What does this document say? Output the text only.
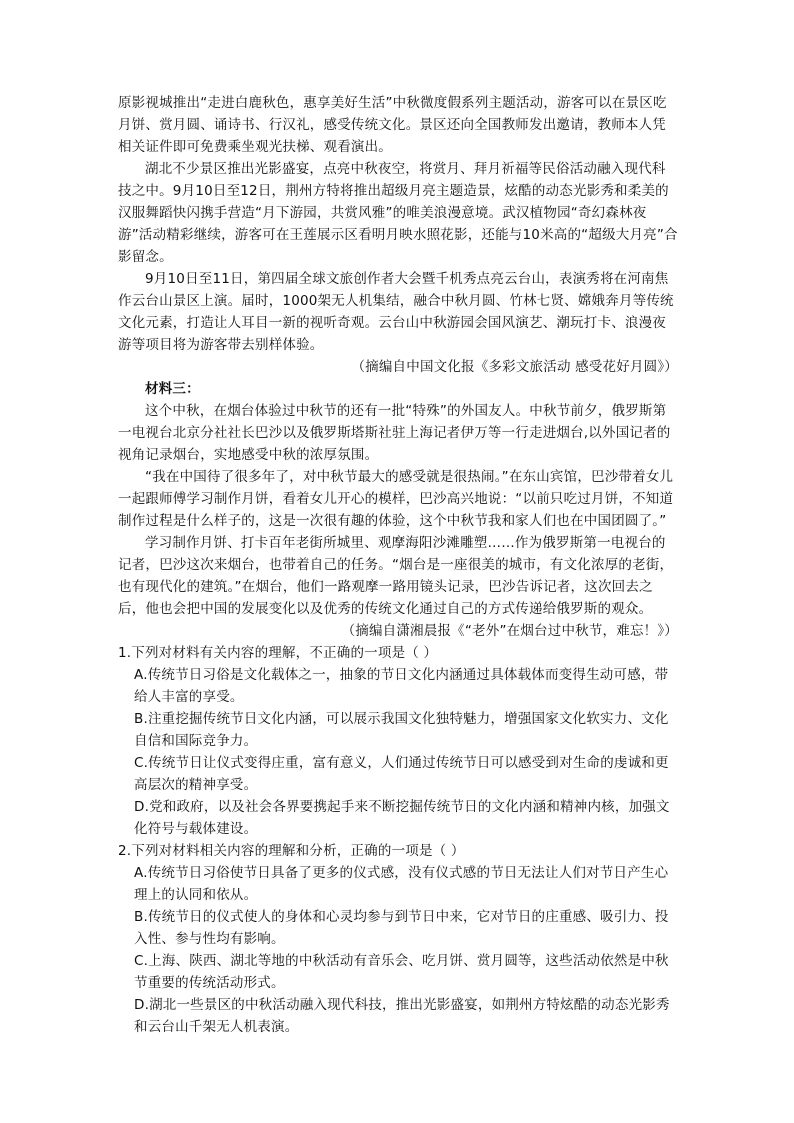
原影视城推出“走进白鹿秋色，惠享美好生活”中秋微度假系列主题活动，游客可以在景区吃月饼、赏月圆、诵诗书、行汉礼，感受传统文化。景区还向全国教师发出邀请，教师本人凭相关证件即可免费乘坐观光扶梯、观看演出。

湖北不少景区推出光影盛宴，点亮中秋夜空，将赏月、拜月祈福等民俗活动融入现代科技之中。9月10日至12日，荆州方特将推出超级月亮主题造景，炫酷的动态光影秀和柔美的汉服舞蹈快闪携手营造“月下游园，共赏风雅”的唯美浪漫意境。武汉植物园“奇幻森林夜游”活动精彩继续，游客可在王莲展示区看明月映水照花影，还能与10米高的“超级大月亮”合影留念。

9月10日至11日，第四届全球文旅创作者大会暨千机秀点亮云台山，表演秀将在河南焦作云台山景区上演。届时，1000架无人机集结，融合中秋月圆、竹林七贤、嫦娥奔月等传统文化元素，打造让人耳目一新的视听奇观。云台山中秋游园会国风演艺、潮玩打卡、浪漫夜游等项目将为游客带去别样体验。

（摘编自中国文化报《多彩文旅活动 感受花好月圆》）

材料三：

这个中秋，在烟台体验过中秋节的还有一批“特殊”的外国友人。中秋节前夕，俄罗斯第一电视台北京分社社长巴沙以及俄罗斯塔斯社驻上海记者伊万等一行走进烟台,以外国记者的视角记录烟台，实地感受中秋的浓厚氛围。

“我在中国待了很多年了，对中秋节最大的感受就是很热闹。”在东山宾馆，巴沙带着女儿一起跟师傅学习制作月饼，看着女儿开心的模样，巴沙高兴地说：“以前只吃过月饼，不知道制作过程是什么样子的，这是一次很有趣的体验，这个中秋节我和家人们也在中国团圆了。”

学习制作月饼、打卡百年老街所城里、观摩海阳沙滩雕塑……作为俄罗斯第一电视台的记者，巴沙这次来烟台，也带着自己的任务。“烟台是一座很美的城市，有文化浓厚的老街，也有现代化的建筑。”在烟台，他们一路观摩一路用镜头记录，巴沙告诉记者，这次回去之后，他也会把中国的发展变化以及优秀的传统文化通过自己的方式传递给俄罗斯的观众。

（摘编自潇湘晨报《“老外”在烟台过中秋节，难忘！》）

1.下列对材料有关内容的理解，不正确的一项是（ ）

A.传统节日习俗是文化载体之一，抽象的节日文化内涵通过具体载体而变得生动可感，带给人丰富的享受。

B.注重挖掘传统节日文化内涵，可以展示我国文化独特魅力，增强国家文化软实力、文化自信和国际竞争力。

C.传统节日让仪式变得庄重，富有意义，人们通过传统节日可以感受到对生命的虔诚和更高层次的精神享受。

D.党和政府，以及社会各界要携起手来不断挖掘传统节日的文化内涵和精神内核，加强文化符号与载体建设。

2.下列对材料相关内容的理解和分析，正确的一项是（ ）

A.传统节日习俗使节日具备了更多的仪式感，没有仪式感的节日无法让人们对节日产生心理上的认同和依从。

B.传统节日的仪式使人的身体和心灵均参与到节日中来，它对节日的庄重感、吸引力、投入性、参与性均有影响。

C.上海、陕西、湖北等地的中秋活动有音乐会、吃月饼、赏月圆等，这些活动依然是中秋节重要的传统活动形式。

D.湖北一些景区的中秋活动融入现代科技，推出光影盛宴，如荆州方特炫酷的动态光影秀和云台山千架无人机表演。
